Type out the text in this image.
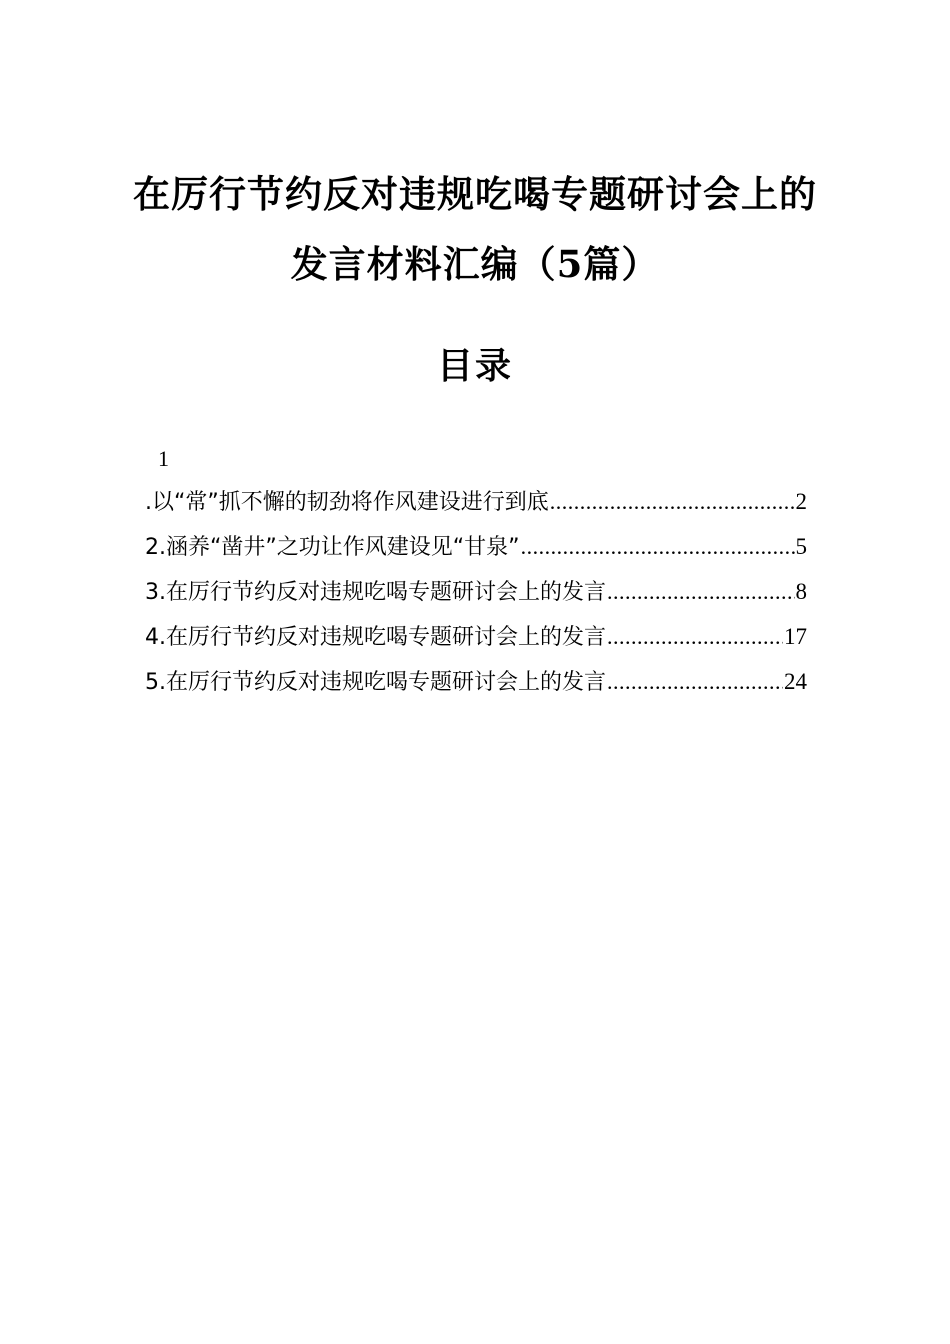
在厉行节约反对违规吃喝专题研讨会上的
发言材料汇编（5篇）
目录
1
.以“常”抓不懈的韧劲将作风建设进行到底 .....	2
2.涵养“凿井”之功让作风建设见“甘泉” .....	5
3.在厉行节约反对违规吃喝专题研讨会上的发言 .....	8
4.在厉行节约反对违规吃喝专题研讨会上的发言 .....	17
5.在厉行节约反对违规吃喝专题研讨会上的发言 .....	24
